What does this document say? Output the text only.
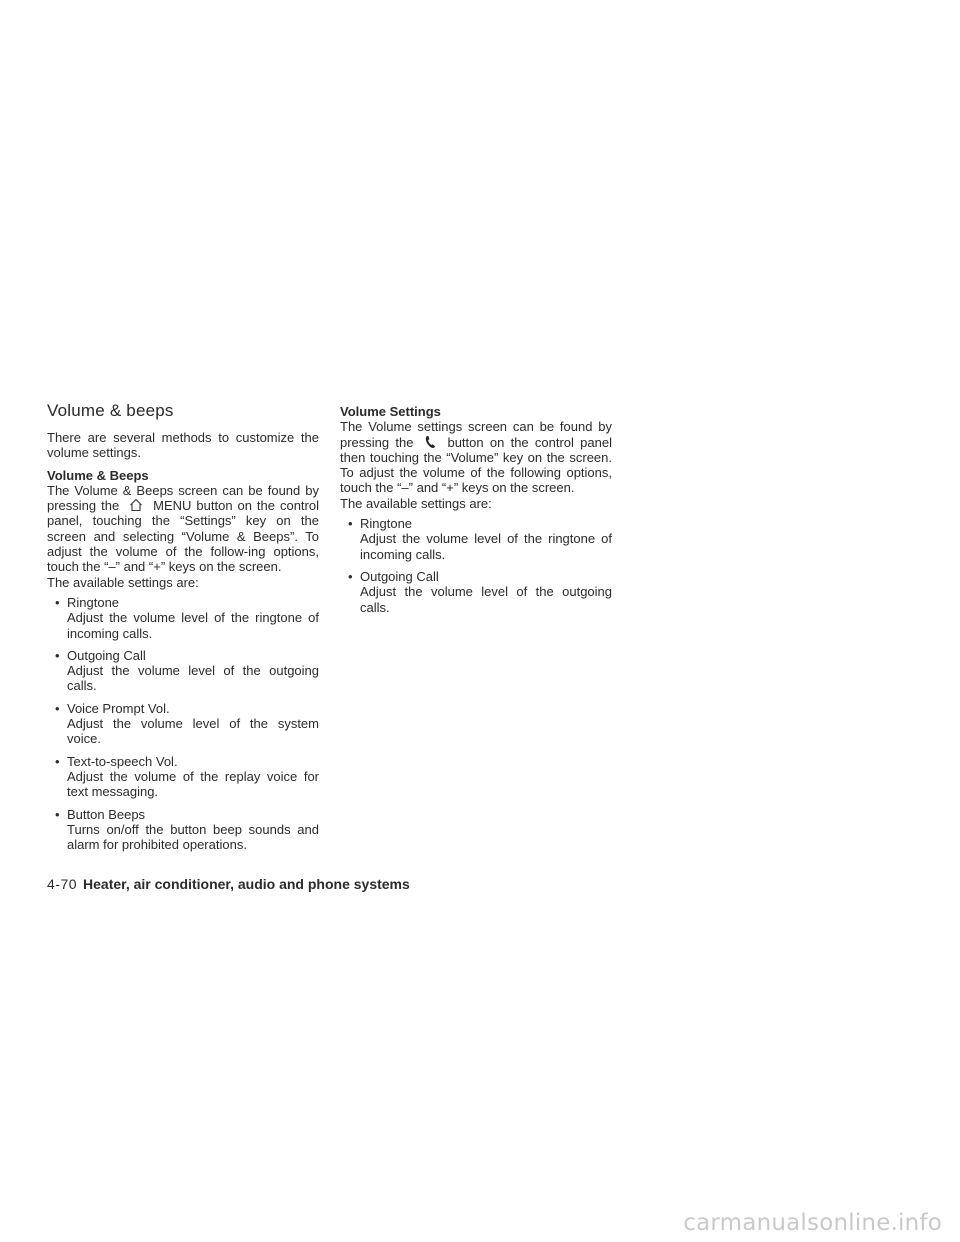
Volume & beeps

There are several methods to customize the volume settings.

Volume & Beeps

The Volume & Beeps screen can be found by pressing the	MENU button on the control panel, touching the “Settings” key on the screen and selecting “Volume & Beeps”. To adjust the volume of the follow-ing options, touch the “–” and “+” keys on the screen.

The available settings are:

• Ringtone
Adjust the volume level of the ringtone of incoming calls.
• Outgoing Call
Adjust the volume level of the outgoing calls.
• Voice Prompt Vol.
Adjust the volume level of the system voice.
• Text-to-speech Vol.
Adjust the volume of the replay voice for text messaging.
• Button Beeps
Turns on/off the button beep sounds and alarm for prohibited operations.

Volume Settings

The Volume settings screen can be found by pressing the	button on the control panel then touching the “Volume” key on the screen. To adjust the volume of the following options, touch the “–” and “+” keys on the screen.

The available settings are:

• Ringtone
Adjust the volume level of the ringtone of incoming calls.
• Outgoing Call
Adjust the volume level of the outgoing calls.
4-70 Heater, air conditioner, audio and phone systems
carmanualsonline.info
